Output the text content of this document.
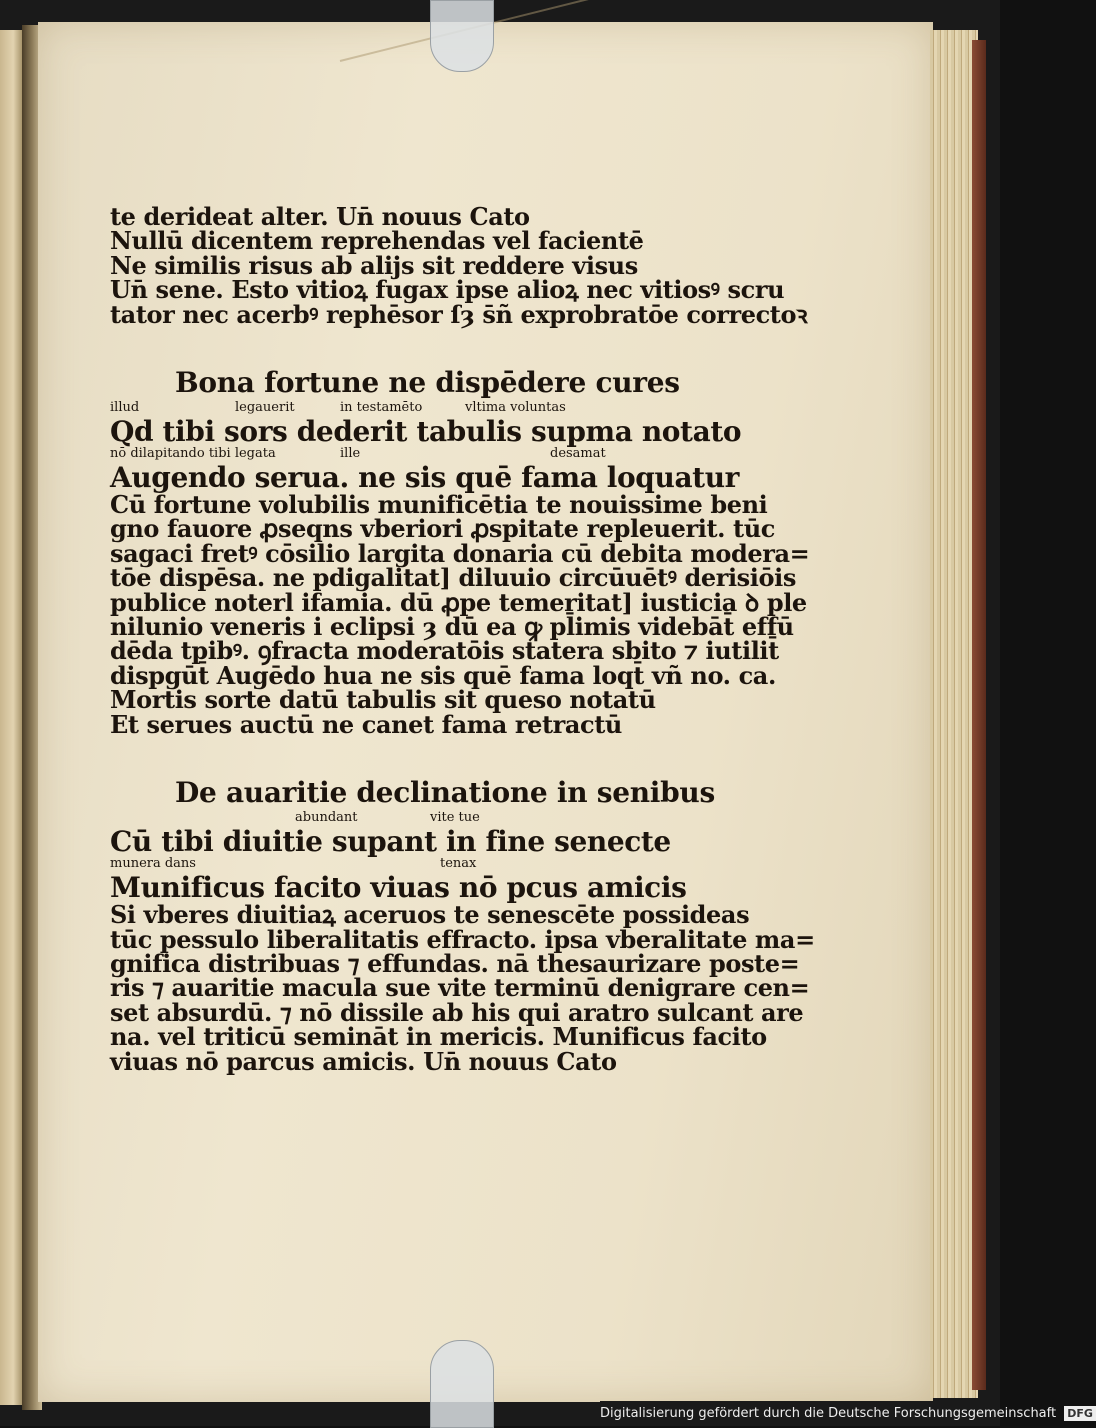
te derideat alter. Un̄ nouus Cato
Nullū dicentem reprehendas vel facientē
Ne similis risus ab alijs sit reddere visus
Un̄ sene. Esto vitioꝝ fugax ipse alioꝝ nec vitiosꝰ scru
tator nec acerbꝰ rephēsor ſȝ s̄ñ exprobratōe correctoꝛ
Bona fortune ne dispēdere cures
illud	legauerit	in testamēto	vltima voluntas
Qd tibi sors dederit tabulis supma notato
nō dilapitando tibi legata	ille	desamat
Augendo serua. ne sis quē fama loquatur
Cū fortune volubilis munificētia te nouissime beni
gno fauore ꝓseqns vberiori ꝓspitate repleuerit. tūc
sagaci fretꝰ cōsilio largita donaria cū debita modera=
tōe dispēsa. ne pdigalitat] diluuio circūuētꝰ derisiōis
publice noterl ifamia. dū ꝓpe temeritat] iusticia ꝺ ple
nilunio veneris i eclipsi ȝ dū ea ꝙ pl̄imis videbāt̄ effū
dēda tpibꝰ. ꝯfracta moderatōis statera sbito ⁊ iutilit̄
dispgūt̄ Augēdo hua ne sis quē fama loqt̄ vñ no. ca.
Mortis sorte datū tabulis sit queso notatū
Et serues auctū ne canet fama retractū
De auaritie declinatione in senibus
abundant	vite tue
Cū tibi diuitie supant in fine senecte
munera dans	tenax
Munificus facito viuas nō pcus amicis
Si vberes diuitiaꝝ aceruos te senescēte possideas
tūc pessulo liberalitatis effracto. ipsa vberalitate ma=
gnifica distribuas ⁊ effundas. nā thesaurizare poste=
ris ⁊ auaritie macula sue vite terminū denigrare cen=
set absurdū. ⁊ nō dissile ab his qui aratro sulcant are
na. vel triticū semināt in mericis. Munificus facito
viuas nō parcus amicis. Un̄ nouus Cato
Digitalisierung gefördert durch die Deutsche Forschungsgemeinschaft DFG
